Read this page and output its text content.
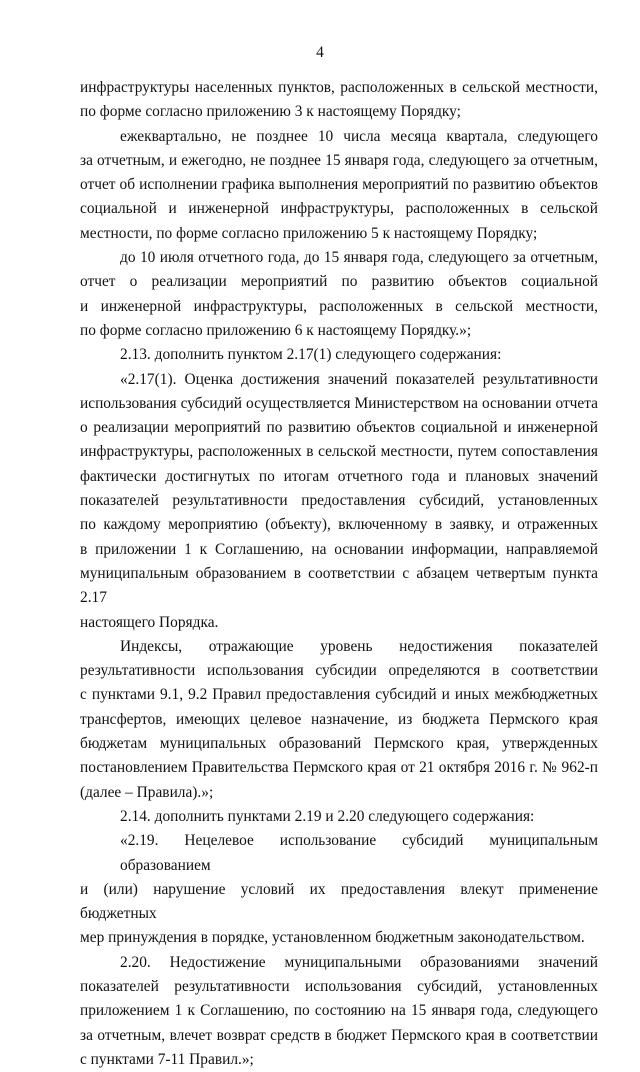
4
инфраструктуры населенных пунктов, расположенных в сельской местности,
по форме согласно приложению 3 к настоящему Порядку;
ежеквартально, не позднее 10 числа месяца квартала, следующего
за отчетным, и ежегодно, не позднее 15 января года, следующего за отчетным,
отчет об исполнении графика выполнения мероприятий по развитию объектов
социальной и инженерной инфраструктуры, расположенных в сельской
местности, по форме согласно приложению 5 к настоящему Порядку;
до 10 июля отчетного года, до 15 января года, следующего за отчетным,
отчет о реализации мероприятий по развитию объектов социальной
и инженерной инфраструктуры, расположенных в сельской местности,
по форме согласно приложению 6 к настоящему Порядку.»;
2.13. дополнить пунктом 2.17(1) следующего содержания:
«2.17(1). Оценка достижения значений показателей результативности
использования субсидий осуществляется Министерством на основании отчета
о реализации мероприятий по развитию объектов социальной и инженерной
инфраструктуры, расположенных в сельской местности, путем сопоставления
фактически достигнутых по итогам отчетного года и плановых значений
показателей результативности предоставления субсидий, установленных
по каждому мероприятию (объекту), включенному в заявку, и отраженных
в приложении 1 к Соглашению, на основании информации, направляемой
муниципальным образованием в соответствии с абзацем четвертым пункта 2.17
настоящего Порядка.
Индексы, отражающие уровень недостижения показателей
результативности использования субсидии определяются в соответствии
с пунктами 9.1, 9.2 Правил предоставления субсидий и иных межбюджетных
трансфертов, имеющих целевое назначение, из бюджета Пермского края
бюджетам муниципальных образований Пермского края, утвержденных
постановлением Правительства Пермского края от 21 октября 2016 г. № 962-п
(далее – Правила).»;
2.14. дополнить пунктами 2.19 и 2.20 следующего содержания:
«2.19. Нецелевое использование субсидий муниципальным образованием
и (или) нарушение условий их предоставления влекут применение бюджетных
мер принуждения в порядке, установленном бюджетным законодательством.
2.20. Недостижение муниципальными образованиями значений
показателей результативности использования субсидий, установленных
приложением 1 к Соглашению, по состоянию на 15 января года, следующего
за отчетным, влечет возврат средств в бюджет Пермского края в соответствии
с пунктами 7-11 Правил.»;
